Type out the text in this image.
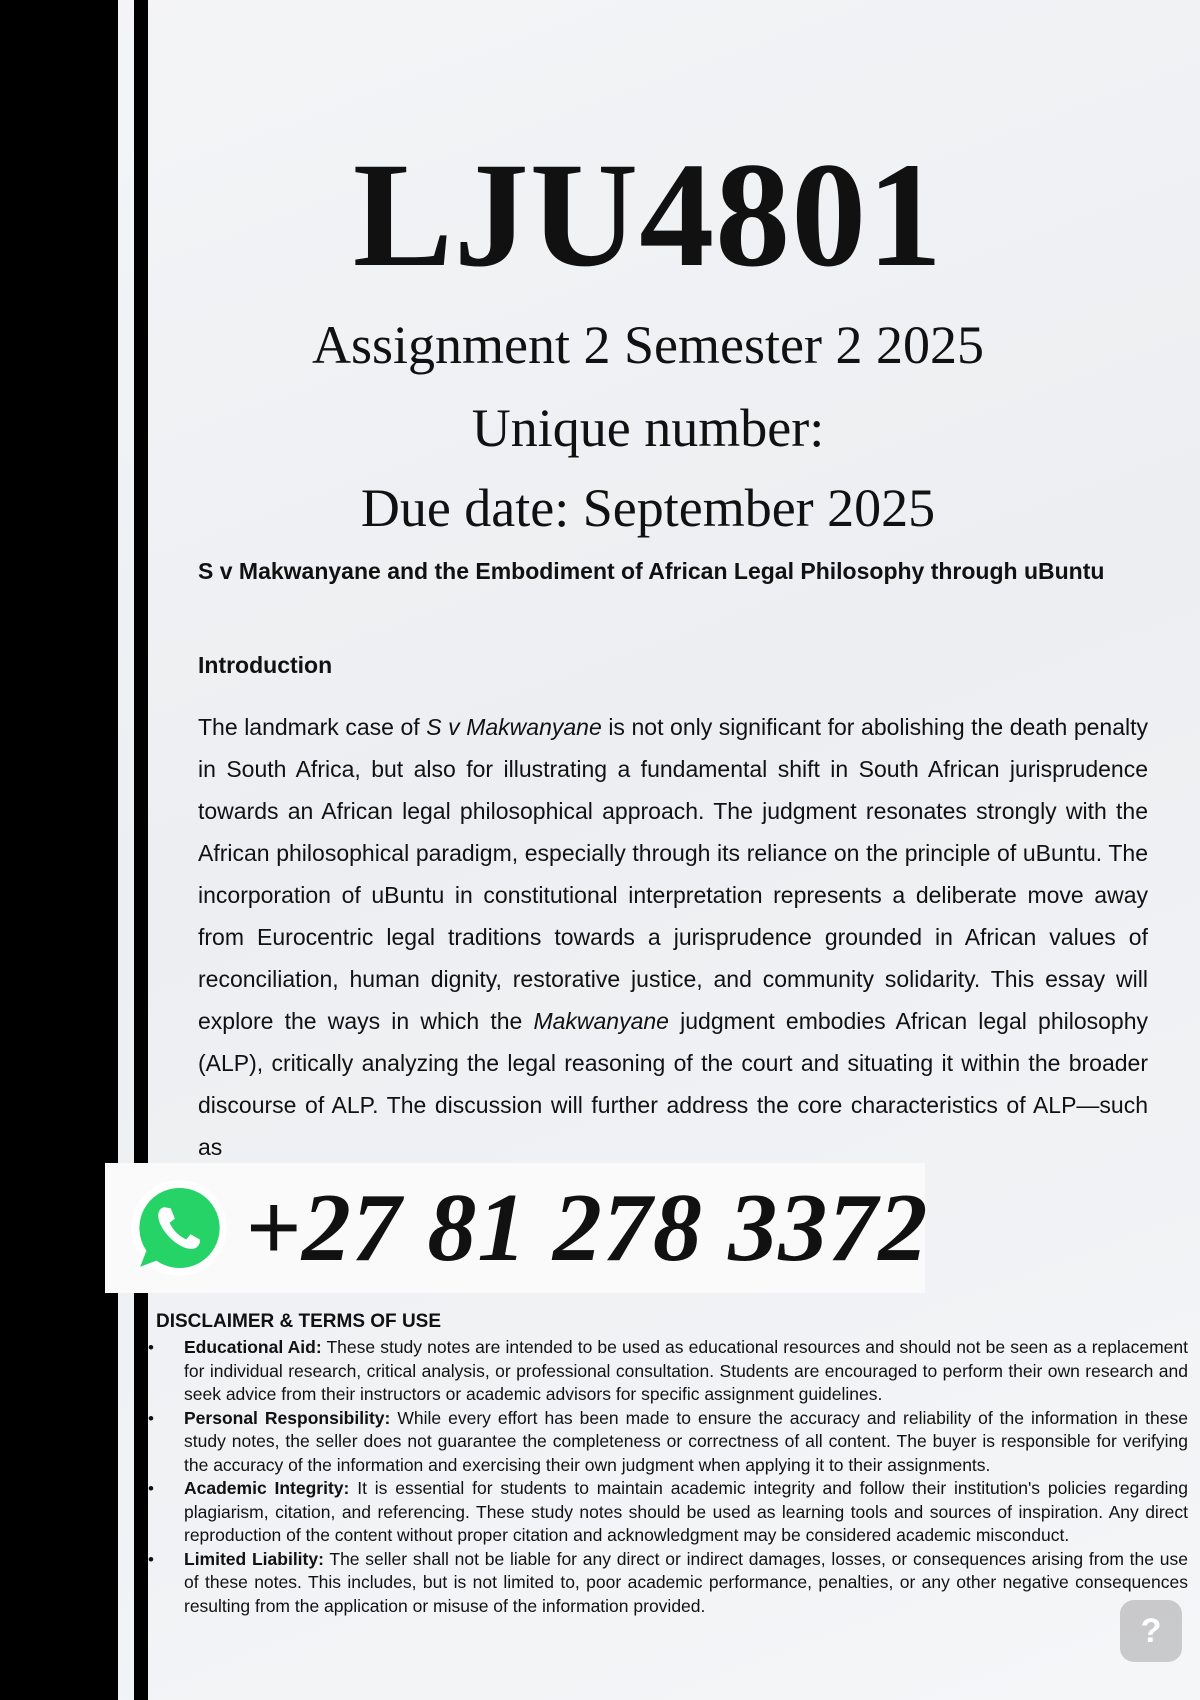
LJU4801

Assignment 2 Semester 2 2025

Unique number:

Due date: September 2025

S v Makwanyane and the Embodiment of African Legal Philosophy through uBuntu

Introduction

The landmark case of S v Makwanyane is not only significant for abolishing the death penalty in South Africa, but also for illustrating a fundamental shift in South African jurisprudence towards an African legal philosophical approach. The judgment resonates strongly with the African philosophical paradigm, especially through its reliance on the principle of uBuntu. The incorporation of uBuntu in constitutional interpretation represents a deliberate move away from Eurocentric legal traditions towards a jurisprudence grounded in African values of reconciliation, human dignity, restorative justice, and community solidarity. This essay will explore the ways in which the Makwanyane judgment embodies African legal philosophy (ALP), critically analyzing the legal reasoning of the court and situating it within the broader discourse of ALP. The discussion will further address the core characteristics of ALP—such as

+27 81 278 3372

DISCLAIMER & TERMS OF USE

• Educational Aid: These study notes are intended to be used as educational resources and should not be seen as a replacement for individual research, critical analysis, or professional consultation. Students are encouraged to perform their own research and seek advice from their instructors or academic advisors for specific assignment guidelines.
• Personal Responsibility: While every effort has been made to ensure the accuracy and reliability of the information in these study notes, the seller does not guarantee the completeness or correctness of all content. The buyer is responsible for verifying the accuracy of the information and exercising their own judgment when applying it to their assignments.
• Academic Integrity: It is essential for students to maintain academic integrity and follow their institution's policies regarding plagiarism, citation, and referencing. These study notes should be used as learning tools and sources of inspiration. Any direct reproduction of the content without proper citation and acknowledgment may be considered academic misconduct.
• Limited Liability: The seller shall not be liable for any direct or indirect damages, losses, or consequences arising from the use of these notes. This includes, but is not limited to, poor academic performance, penalties, or any other negative consequences resulting from the application or misuse of the information provided.
?
